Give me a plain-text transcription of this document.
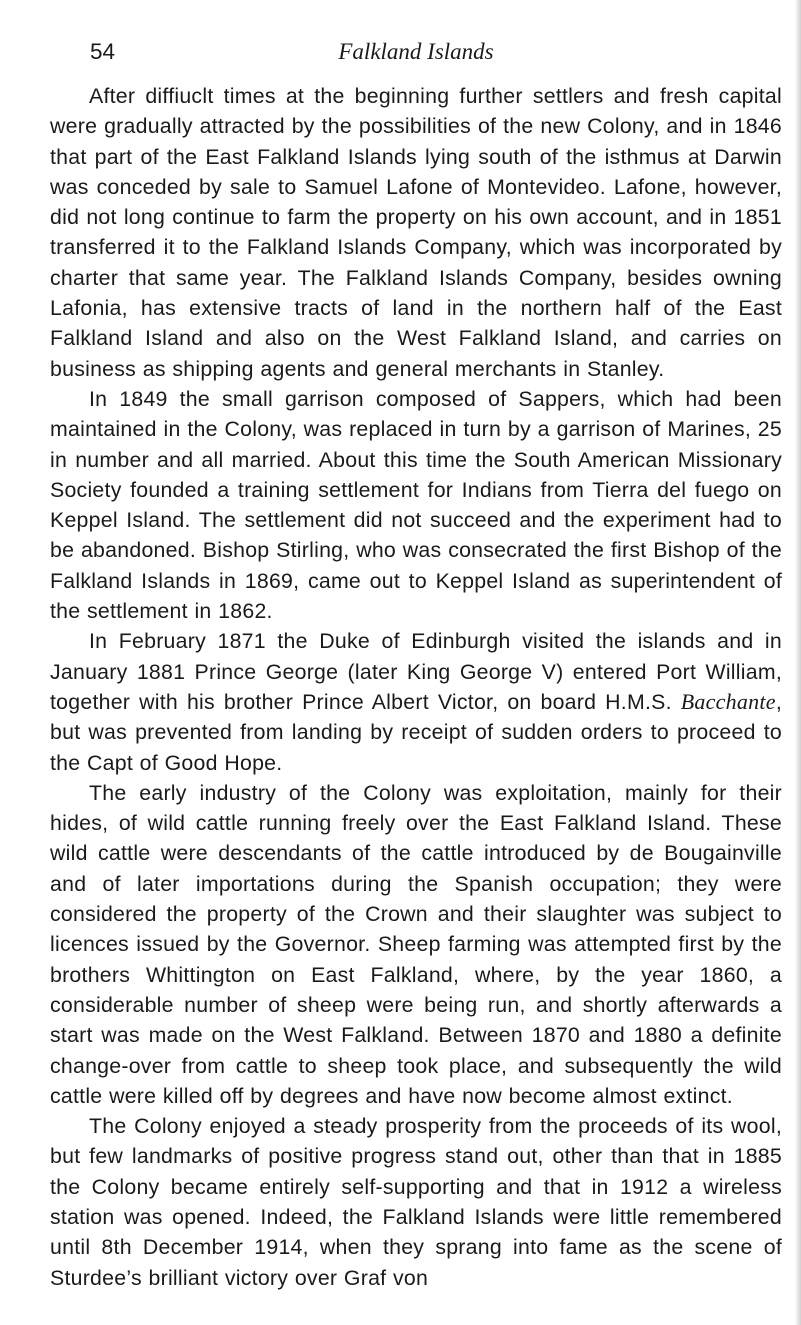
54	Falkland Islands

After diffiuclt times at the beginning further settlers and fresh capital were gradually attracted by the possibilities of the new Colony, and in 1846 that part of the East Falkland Islands lying south of the isthmus at Darwin was conceded by sale to Samuel Lafone of Montevideo. Lafone, however, did not long continue to farm the property on his own account, and in 1851 transferred it to the Falkland Islands Company, which was incorporated by charter that same year. The Falkland Islands Company, besides owning Lafonia, has extensive tracts of land in the northern half of the East Falkland Island and also on the West Falkland Island, and carries on business as shipping agents and general merchants in Stanley.

In 1849 the small garrison composed of Sappers, which had been maintained in the Colony, was replaced in turn by a garrison of Marines, 25 in number and all married. About this time the South American Missionary Society founded a training settlement for Indians from Tierra del fuego on Keppel Island. The settlement did not succeed and the experiment had to be abandoned. Bishop Stirling, who was consecrated the first Bishop of the Falkland Islands in 1869, came out to Keppel Island as superintendent of the settlement in 1862.

In February 1871 the Duke of Edinburgh visited the islands and in January 1881 Prince George (later King George V) entered Port William, together with his brother Prince Albert Victor, on board H.M.S. Bacchante, but was prevented from landing by receipt of sudden orders to proceed to the Capt of Good Hope.

The early industry of the Colony was exploitation, mainly for their hides, of wild cattle running freely over the East Falkland Island. These wild cattle were descendants of the cattle introduced by de Bougainville and of later importations during the Spanish occupation; they were considered the property of the Crown and their slaughter was subject to licences issued by the Governor. Sheep farming was attempted first by the brothers Whittington on East Falkland, where, by the year 1860, a considerable number of sheep were being run, and shortly afterwards a start was made on the West Falkland. Between 1870 and 1880 a definite change-over from cattle to sheep took place, and subsequently the wild cattle were killed off by degrees and have now become almost extinct.

The Colony enjoyed a steady prosperity from the proceeds of its wool, but few landmarks of positive progress stand out, other than that in 1885 the Colony became entirely self-supporting and that in 1912 a wireless station was opened. Indeed, the Falkland Islands were little remembered until 8th December 1914, when they sprang into fame as the scene of Sturdee’s brilliant victory over Graf von
